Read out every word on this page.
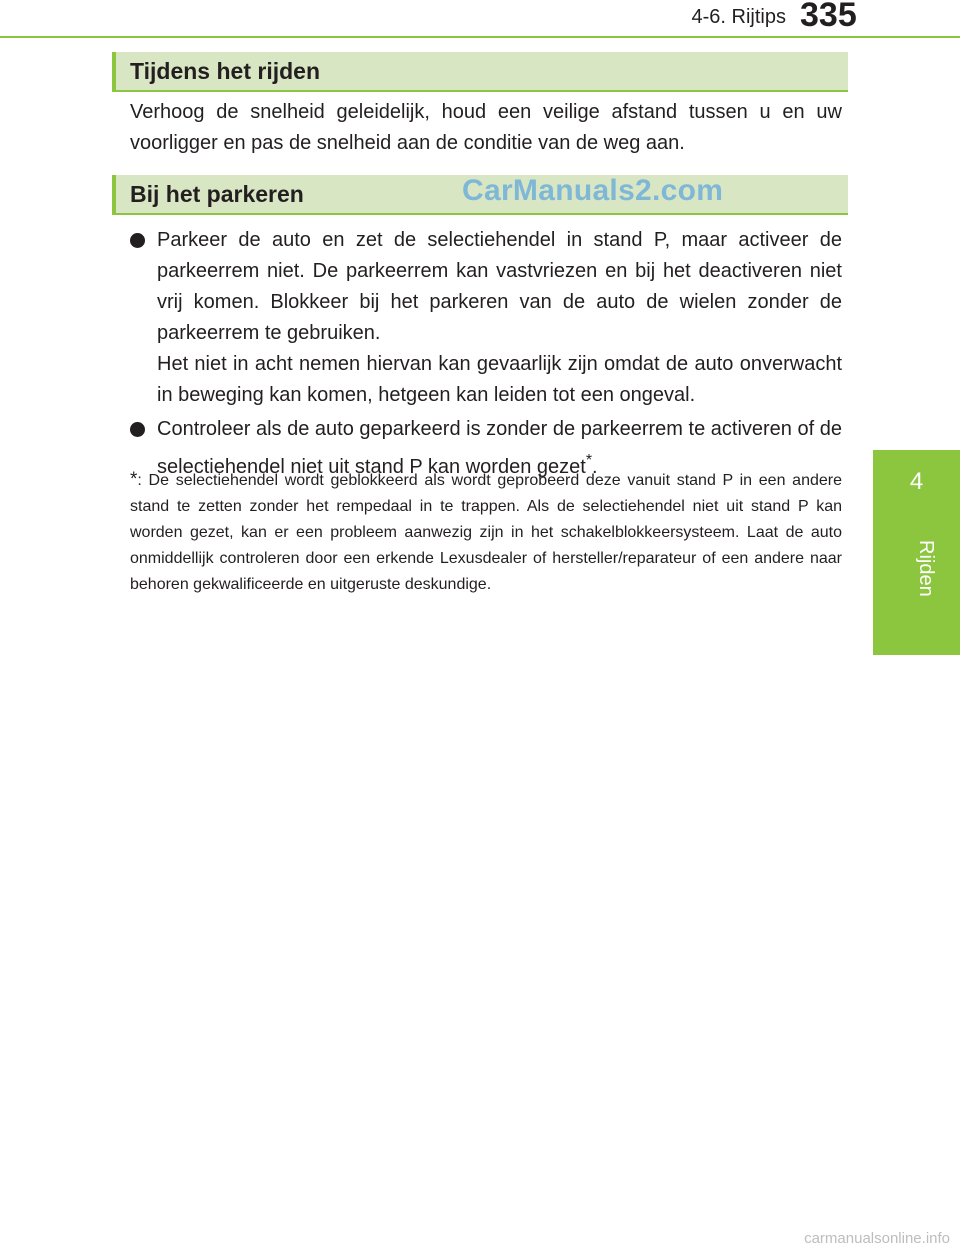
4-6. Rijtips 335
4
Rijden
Tijdens het rijden
Verhoog de snelheid geleidelijk, houd een veilige afstand tussen u en uw voorligger en pas de snelheid aan de conditie van de weg aan.
Bij het parkeren	CarManuals2.com
Parkeer de auto en zet de selectiehendel in stand P, maar activeer de parkeerrem niet. De parkeerrem kan vastvriezen en bij het deactiveren niet vrij komen. Blokkeer bij het parkeren van de auto de wielen zonder de parkeerrem te gebruiken.
Het niet in acht nemen hiervan kan gevaarlijk zijn omdat de auto onverwacht in beweging kan komen, hetgeen kan leiden tot een ongeval.
Controleer als de auto geparkeerd is zonder de parkeerrem te activeren of de selectiehendel niet uit stand P kan worden gezet*.
*: De selectiehendel wordt geblokkeerd als wordt geprobeerd deze vanuit stand P in een andere stand te zetten zonder het rempedaal in te trappen. Als de selectiehendel niet uit stand P kan worden gezet, kan er een probleem aanwezig zijn in het schakelblokkeersysteem. Laat de auto onmiddellijk controleren door een erkende Lexusdealer of hersteller/reparateur of een andere naar behoren gekwalificeerde en uitgeruste deskundige.
carmanualsonline.info
